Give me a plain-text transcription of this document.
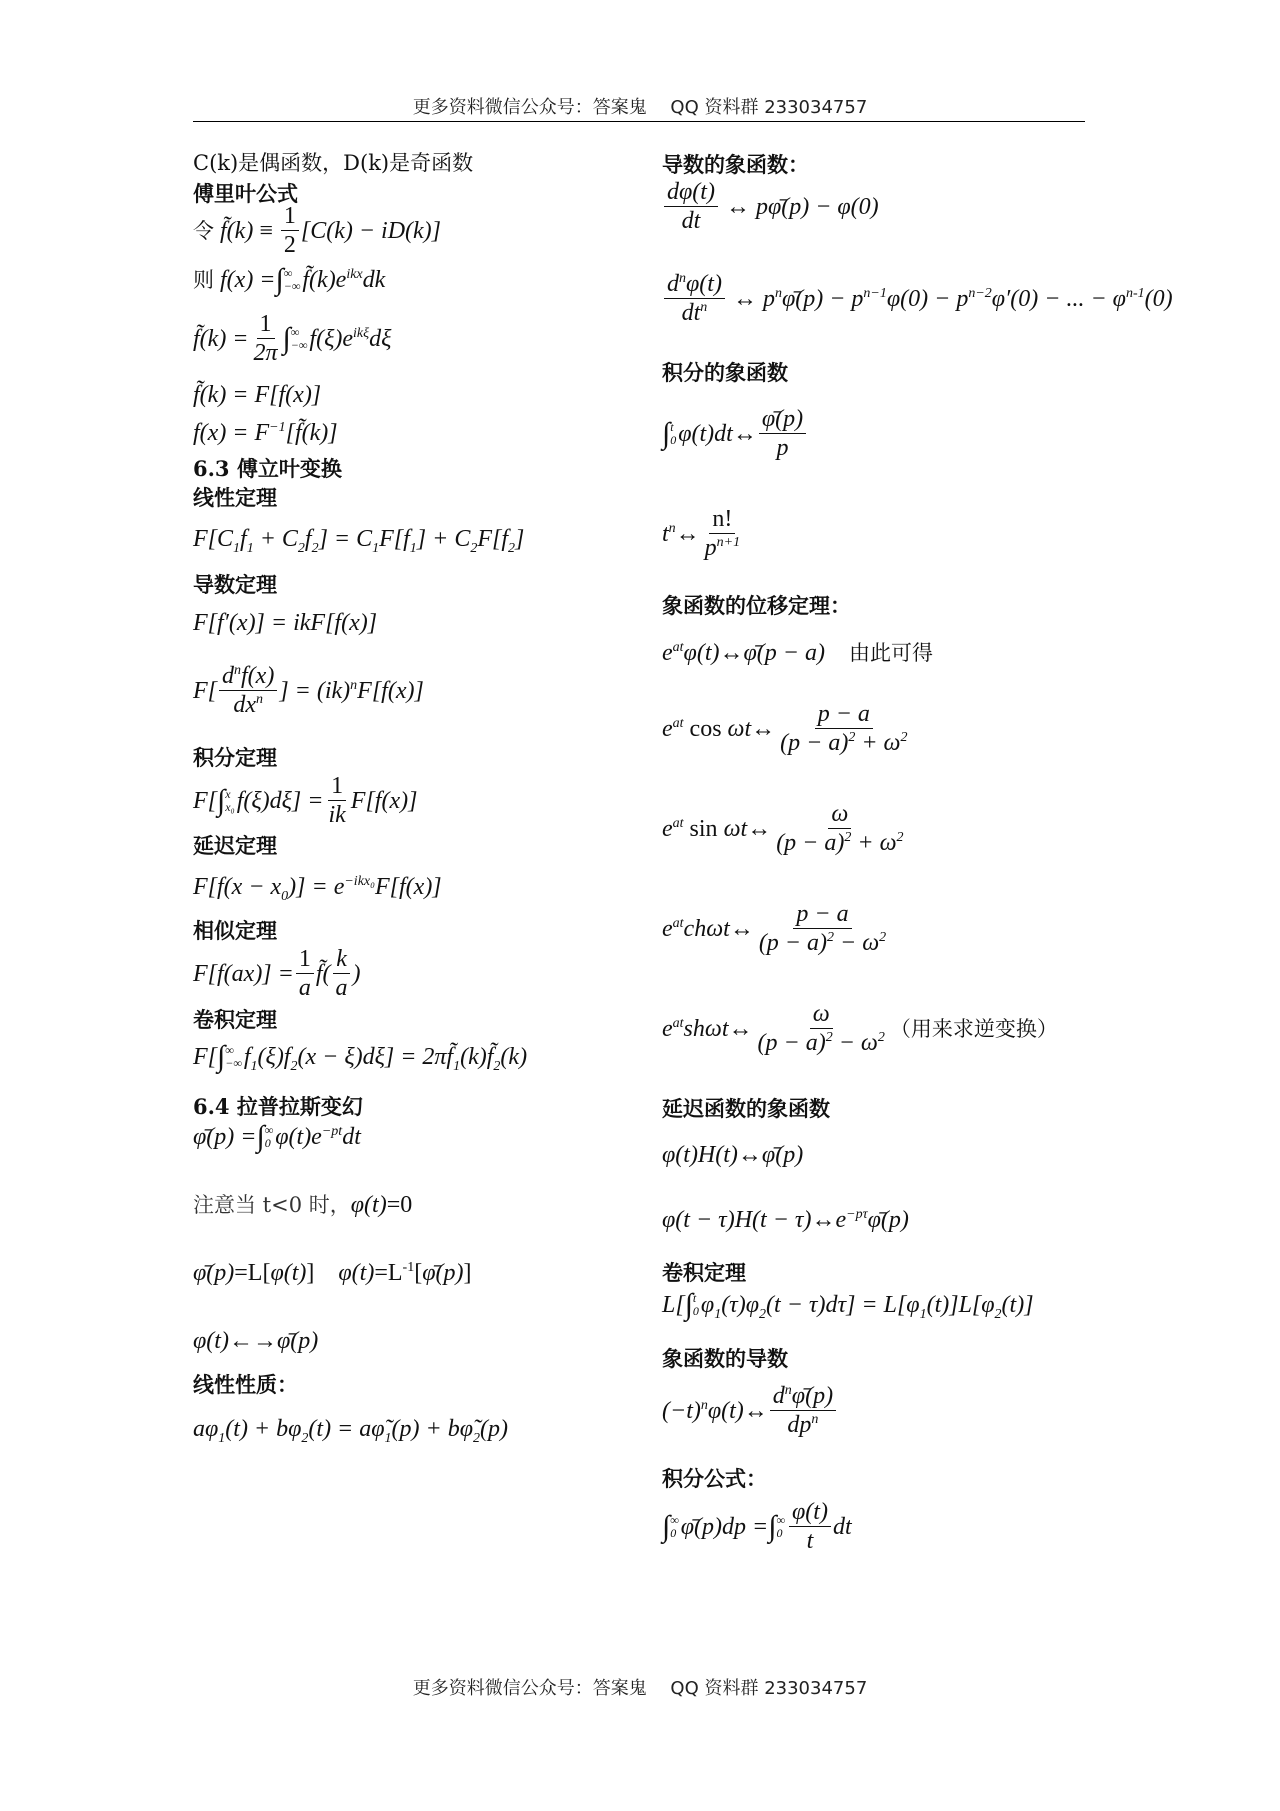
更多资料微信公众号：答案鬼　 QQ 资料群 233034757
C(k)是偶函数，D(k)是奇函数
傅里叶公式
令 f̃(k) ≡ $\frac{1}{2} [C(k) - iD(k)]$
则 f(x) = ∫ ∞
−∞ $f̃(k)e^{ikx}dk$
f̃(k) = $\frac{1}{2\pi}$ ∫ ∞
−∞ $f(\xi)e^{ik\xi}d\xi$
f̃(k) = F[f(x)]
$f(x) = F^{-1}[f̃(k)]$
6.3 傅立叶变换
线性定理
$F[C_1f_1 + C_2f_2] = C_1F[f_1] + C_2F[f_2]$
导数定理
F[f′(x)] = ikF[f(x)]
$F[ \frac{d^nf(x)}{dx^n}$ ] = (ik)$^n$F[f(x)]
积分定理
F[ ∫ x
x₀ $f(\xi)d\xi] = \frac{1}{ik} F[f(x)]$
延迟定理
$F[f(x - x_0)] = e^{-ikx_0}F[f(x)]$
相似定理
$F[f(ax)] = \frac{1}{a}$ f̃( $\frac{k}{a}$ )
卷积定理
F[ ∫ ∞
−∞ $f_1(\xi)f_2(x - \xi)d\xi$] = $2\pi f̃_1(k)f̃_2(k)$
6.4 拉普拉斯变幻
φ̄(p) = ∫ ∞
0 $\varphi(t)e^{-pt}dt$
注意当 t<0 时， φ(t) =0
φ̄(p) =L[ φ(t) ] $\varphi(t) =L^{-1}$[ φ̄(p) ]
φ(t) ←→ φ̄(p)
线性性质：
$a\varphi_1(t) + b\varphi_2(t)$ = $a\varphĩ_1(p)$ + $b\varphĩ_2(p)$
导数的象函数：
$\frac{d\varphi(t)}{dt}$ ↔ pφ̄(p) − φ(0)
$\frac{d^n\varphi(t)}{dt^n}$ ↔ $p^n\varphī(p) - p^{n-1}\varphi(0) - p^{n-2}\varphi'(0)$ − ... − $\varphi^{n-1}(0)$
积分的象函数
∫ t
0 φ(t)dt ↔ $\frac{\varphī(p)}{p}$
$t^n$ ↔ $\frac{n!}{p^{n+1}}$
象函数的位移定理：
$e^{at}\varphi(t)$ ↔ φ̄(p − a) 由此可得
$e^{at}$ cos ωt ↔ $\frac{p - a}{(p - a)^2 + \omega^2}$
$e^{at}$ sin ωt ↔ $\frac{\omega}{(p - a)^2 + \omega^2}$
$e^{at}ch\omega t$ ↔ $\frac{p - a}{(p - a)^2 - \omega^2}$
$e^{at}sh\omega t$ ↔ $\frac{\omega}{(p - a)^2 - \omega^2}$ （用来求逆变换）
延迟函数的象函数
φ(t)H(t) ↔ φ̄(p)
φ(t − τ)H(t − τ) ↔ $e^{-p\tau}\varphī(p)$
卷积定理
L[ ∫ t
0 $\varphi_1(\tau)\varphi_2(t - \tau)d\tau] = L[\varphi_1(t)]L[\varphi_2(t)]$
象函数的导数
$(-t)^n\varphi(t)$ ↔ $\frac{d^n\varphī(p)}{dp^n}$
积分公式：
∫ ∞
0 φ̄(p)dp = ∫ ∞
$0 \frac{\varphi(t)}{t}$ dt
更多资料微信公众号：答案鬼　 QQ 资料群 233034757
